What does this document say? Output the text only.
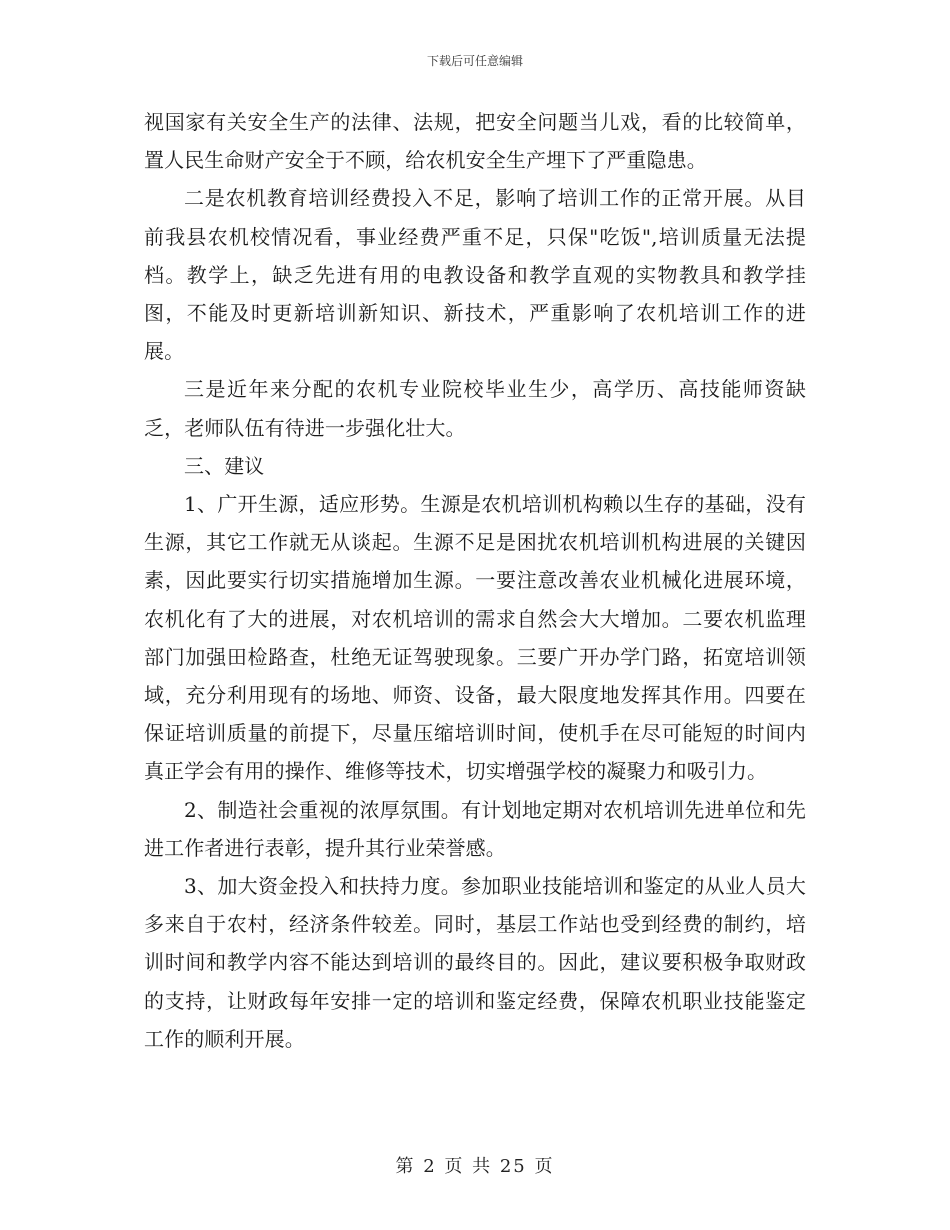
下载后可任意编辑

视国家有关安全生产的法律、法规，把安全问题当儿戏，看的比较简单，置人民生命财产安全于不顾，给农机安全生产埋下了严重隐患。

二是农机教育培训经费投入不足，影响了培训工作的正常开展。从目前我县农机校情况看，事业经费严重不足，只保"吃饭",培训质量无法提档。教学上，缺乏先进有用的电教设备和教学直观的实物教具和教学挂图，不能及时更新培训新知识、新技术，严重影响了农机培训工作的进展。

三是近年来分配的农机专业院校毕业生少，高学历、高技能师资缺乏，老师队伍有待进一步强化壮大。

三、建议

1、广开生源，适应形势。生源是农机培训机构赖以生存的基础，没有生源，其它工作就无从谈起。生源不足是困扰农机培训机构进展的关键因素，因此要实行切实措施增加生源。一要注意改善农业机械化进展环境，农机化有了大的进展，对农机培训的需求自然会大大增加。二要农机监理部门加强田检路查，杜绝无证驾驶现象。三要广开办学门路，拓宽培训领域，充分利用现有的场地、师资、设备，最大限度地发挥其作用。四要在保证培训质量的前提下，尽量压缩培训时间，使机手在尽可能短的时间内真正学会有用的操作、维修等技术，切实增强学校的凝聚力和吸引力。

2、制造社会重视的浓厚氛围。有计划地定期对农机培训先进单位和先进工作者进行表彰，提升其行业荣誉感。

3、加大资金投入和扶持力度。参加职业技能培训和鉴定的从业人员大多来自于农村，经济条件较差。同时，基层工作站也受到经费的制约，培训时间和教学内容不能达到培训的最终目的。因此，建议要积极争取财政的支持，让财政每年安排一定的培训和鉴定经费，保障农机职业技能鉴定工作的顺利开展。

第 2 页 共 25 页
